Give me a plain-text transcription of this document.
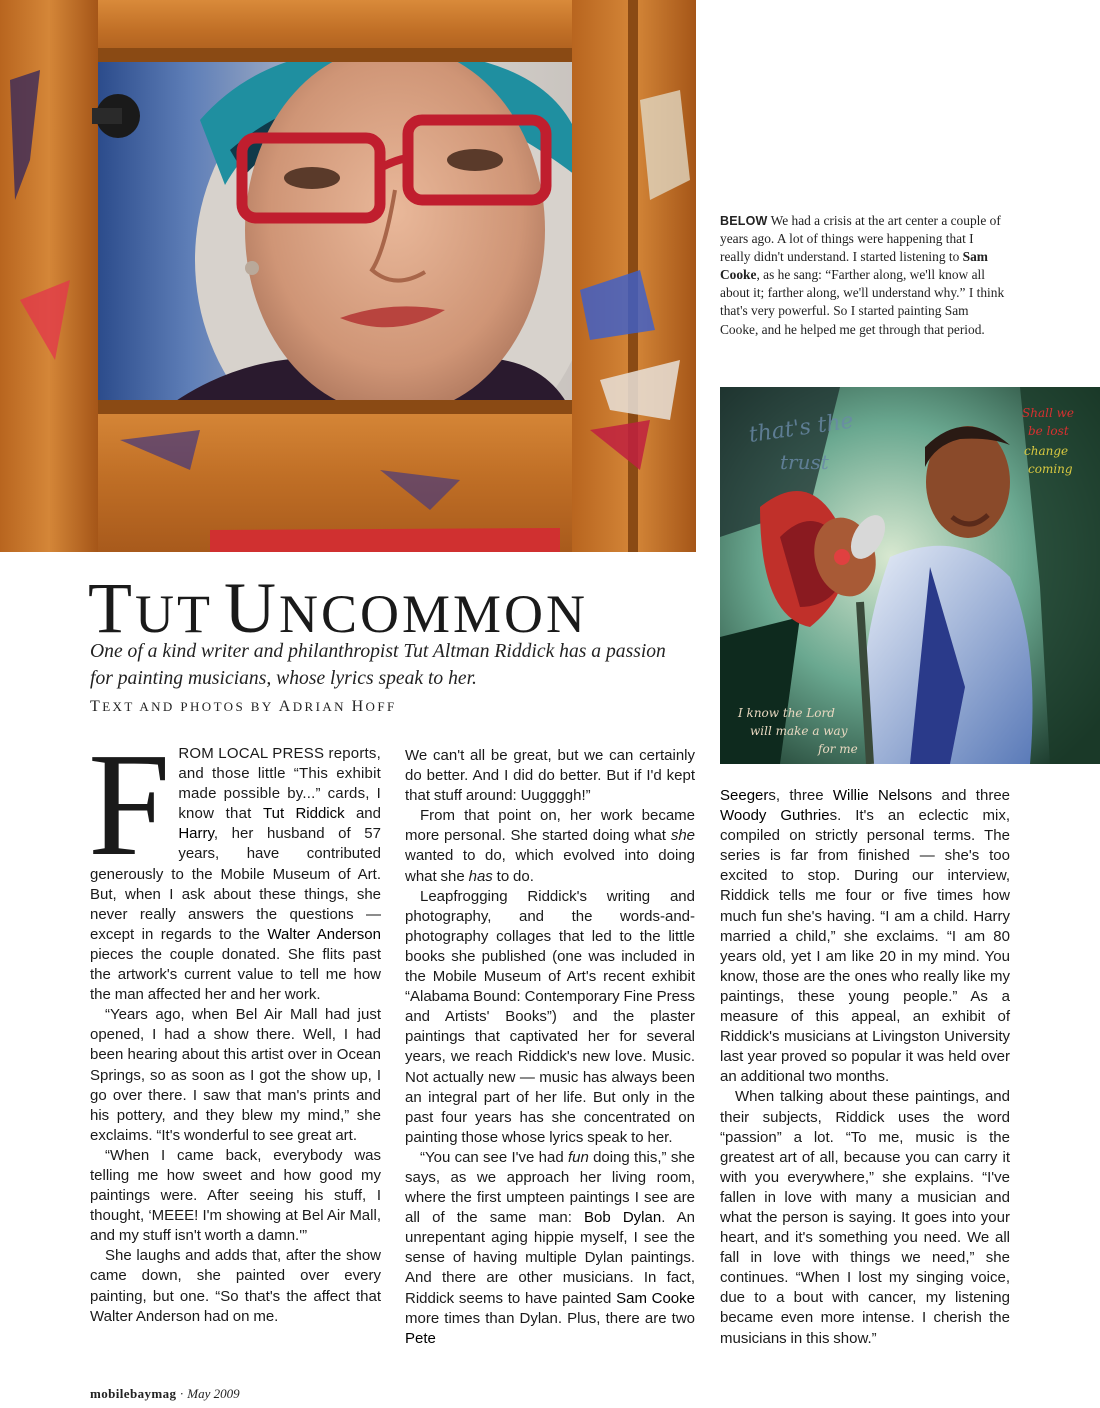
BELOW We had a crisis at the art center a couple of years ago. A lot of things were happening that I really didn't understand. I started listening to Sam Cooke, as he sang: “Farther along, we'll know all about it; farther along, we'll understand why.” I think that's very powerful. So I started painting Sam Cooke, and he helped me get through that period.
that's the
trust
Shall we
be lost
change
coming
I know the Lord
will make a way
for me
TUT UNCOMMON

One of a kind writer and philanthropist Tut Altman Riddick has a passion for painting musicians, whose lyrics speak to her.

TEXT AND PHOTOS BY ADRIAN HOFF

FROM LOCAL PRESS reports, and those little “This exhibit made possible by...” cards, I know that Tut Riddick and Harry, her husband of 57 years, have contributed generously to the Mobile Museum of Art. But, when I ask about these things, she never really answers the questions — except in regards to the Walter Anderson pieces the couple donated. She flits past the artwork's current value to tell me how the man affected her and her work.

“Years ago, when Bel Air Mall had just opened, I had a show there. Well, I had been hearing about this artist over in Ocean Springs, so as soon as I got the show up, I go over there. I saw that man's prints and his pottery, and they blew my mind,” she exclaims. “It's wonderful to see great art.

“When I came back, everybody was telling me how sweet and how good my paintings were. After seeing his stuff, I thought, ‘MEEE! I'm showing at Bel Air Mall, and my stuff isn't worth a damn.'”

She laughs and adds that, after the show came down, she painted over every painting, but one. “So that's the affect that Walter Anderson had on me.

We can't all be great, but we can certainly do better. And I did do better. But if I'd kept that stuff around: Uuggggh!”

From that point on, her work became more personal. She started doing what she wanted to do, which evolved into doing what she has to do.

Leapfrogging Riddick's writing and photography, and the words-and-photography collages that led to the little books she published (one was included in the Mobile Museum of Art's recent exhibit “Alabama Bound: Contemporary Fine Press and Artists' Books”) and the plaster paintings that captivated her for several years, we reach Riddick's new love. Music. Not actually new — music has always been an integral part of her life. But only in the past four years has she concentrated on painting those whose lyrics speak to her.

“You can see I've had fun doing this,” she says, as we approach her living room, where the first umpteen paintings I see are all of the same man: Bob Dylan. An unrepentant aging hippie myself, I see the sense of having multiple Dylan paintings. And there are other musicians. In fact, Riddick seems to have painted Sam Cooke more times than Dylan. Plus, there are two Pete

Seegers, three Willie Nelsons and three Woody Guthries. It's an eclectic mix, compiled on strictly personal terms. The series is far from finished — she's too excited to stop. During our interview, Riddick tells me four or five times how much fun she's having. “I am a child. Harry married a child,” she exclaims. “I am 80 years old, yet I am like 20 in my mind. You know, those are the ones who really like my paintings, these young people.” As a measure of this appeal, an exhibit of Riddick's musicians at Livingston University last year proved so popular it was held over an additional two months.

When talking about these paintings, and their subjects, Riddick uses the word “passion” a lot. “To me, music is the greatest art of all, because you can carry it with you everywhere,” she explains. “I've fallen in love with many a musician and what the person is saying. It goes into your heart, and it's something you need. We all fall in love with things we need,” she continues. “When I lost my singing voice, due to a bout with cancer, my listening became even more intense. I cherish the musicians in this show.”

mobilebaymag · May 2009
